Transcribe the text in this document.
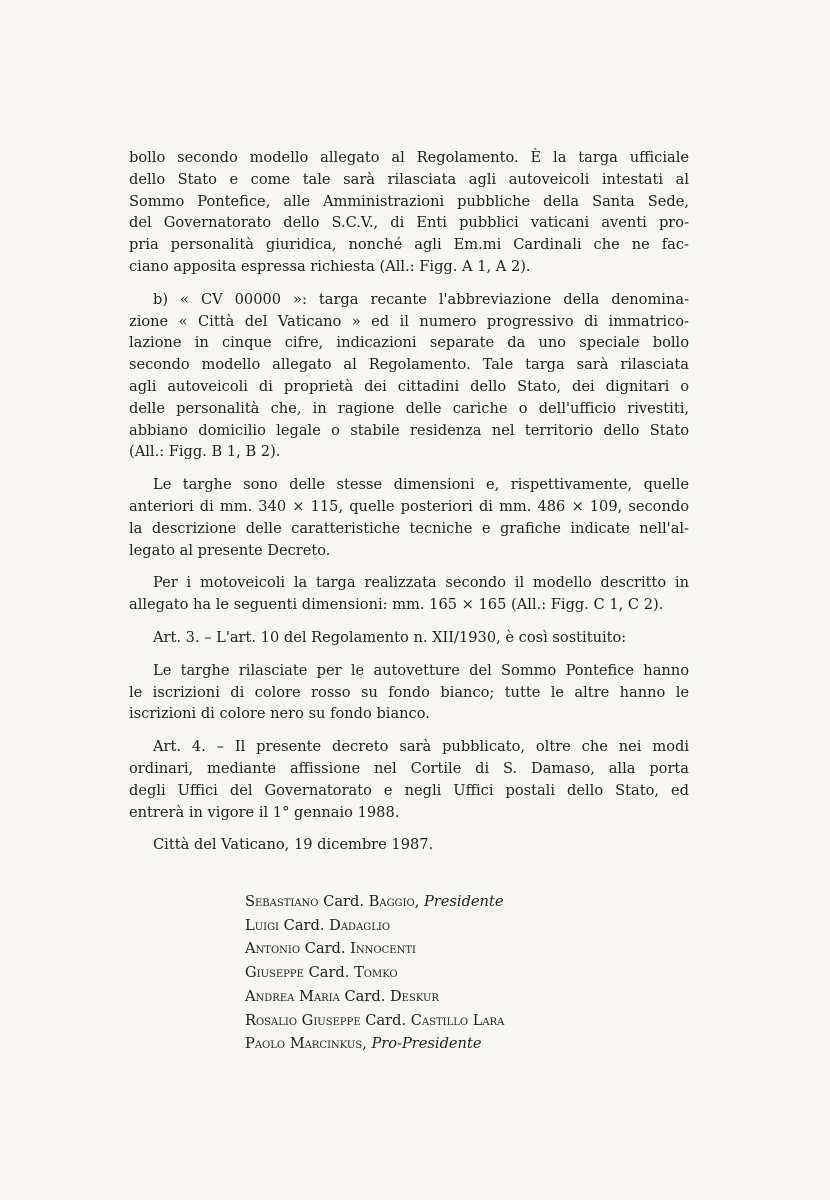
bollo secondo modello allegato al Regolamento. È la targa ufficiale
dello Stato e come tale sarà rilasciata agli autoveicoli intestati al
Sommo Pontefice, alle Amministrazioni pubbliche della Santa Sede,
del Governatorato dello S.C.V., di Enti pubblici vaticani aventi pro-
pria personalità giuridica, nonché agli Em.mi Cardinali che ne fac-
ciano apposita espressa richiesta (All.: Figg. A 1, A 2).
b) « CV 00000 »: targa recante l'abbreviazione della denomina-
zione « Città del Vaticano » ed il numero progressivo di immatrico-
lazione in cinque cifre, indicazioni separate da uno speciale bollo
secondo modello allegato al Regolamento. Tale targa sarà rilasciata
agli autoveicoli di proprietà dei cittadini dello Stato, dei dignitari o
delle personalità che, in ragione delle cariche o dell'ufficio rivestiti,
abbiano domicilio legale o stabile residenza nel territorio dello Stato
(All.: Figg. B 1, B 2).
Le targhe sono delle stesse dimensioni e, rispettivamente, quelle
anteriori di mm. 340 × 115, quelle posteriori di mm. 486 × 109, secondo
la descrizione delle caratteristiche tecniche e grafiche indicate nell'al-
legato al presente Decreto.
Per i motoveicoli la targa realizzata secondo il modello descritto in
allegato ha le seguenti dimensioni: mm. 165 × 165 (All.: Figg. C 1, C 2).
Art. 3. – L'art. 10 del Regolamento n. XII/1930, è così sostituito:
Le targhe rilasciate per le autovetture del Sommo Pontefice hanno
le iscrizioni di colore rosso su fondo bianco; tutte le altre hanno le
iscrizioni di colore nero su fondo bianco.
Art. 4. – Il presente decreto sarà pubblicato, oltre che nei modi
ordinari, mediante affissione nel Cortile di S. Damaso, alla porta
degli Uffici del Governatorato e negli Uffici postali dello Stato, ed
entrerà in vigore il 1° gennaio 1988.
Città del Vaticano, 19 dicembre 1987.
Sebastiano Card. Baggio, Presidente
Luigi Card. Dadaglio
Antonio Card. Innocenti
Giuseppe Card. Tomko
Andrea Maria Card. Deskur
Rosalio Giuseppe Card. Castillo Lara
Paolo Marcinkus, Pro-Presidente
